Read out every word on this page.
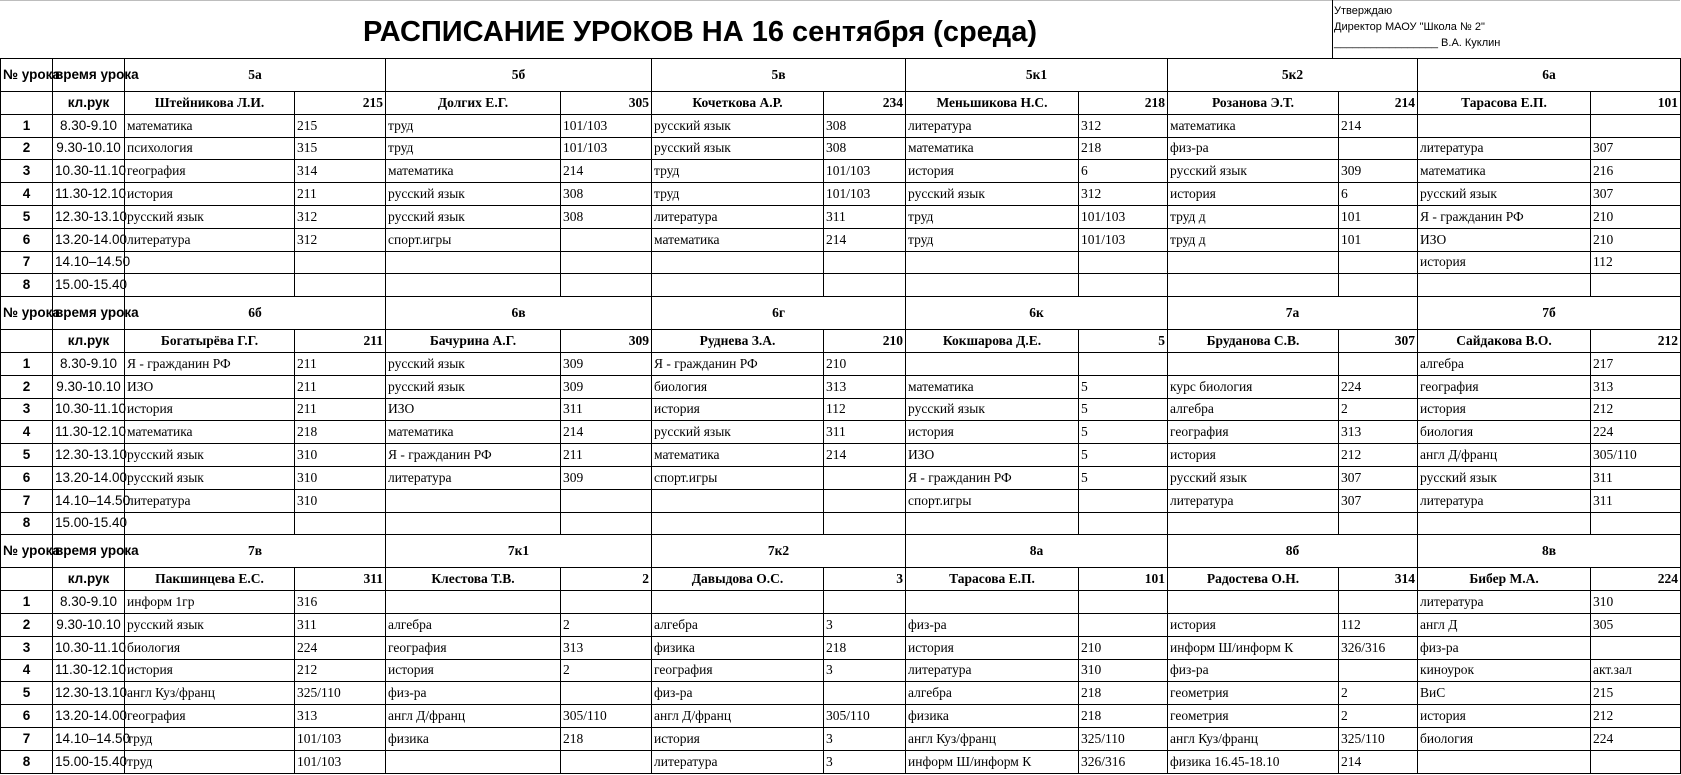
РАСПИСАНИЕ УРОКОВ НА 16 сентября (среда)
Утверждаю
Директор МАОУ "Школа № 2"
_________________ В.А. Куклин
№ урока	время урока	5а		5б		5в		5к1		5к2		6а	
	кл.рук	Штейникова Л.И.	215	Долгих Е.Г.	305	Кочеткова А.Р.	234	Меньшикова Н.С.	218	Розанова Э.Т.	214	Тарасова Е.П.	101
1	8.30-9.10	математика	215	труд	101/103	русский язык	308	литература	312	математика	214		
2	9.30-10.10	психология	315	труд	101/103	русский язык	308	математика	218	физ-ра		литература	307
3	10.30-11.10	география	314	математика	214	труд	101/103	история	6	русский язык	309	математика	216
4	11.30-12.10	история	211	русский язык	308	труд	101/103	русский язык	312	история	6	русский язык	307
5	12.30-13.10	русский язык	312	русский язык	308	литература	311	труд	101/103	труд д	101	Я - гражданин РФ	210
6	13.20-14.00	литература	312	спорт.игры		математика	214	труд	101/103	труд д	101	ИЗО	210
7	14.10–14.50											история	112
8	15.00-15.40												
№ урока	время урока	6б		6в		6г		6к		7а		7б	
	кл.рук	Богатырёва Г.Г.	211	Бачурина А.Г.	309	Руднева З.А.	210	Кокшарова Д.Е.	5	Бруданова С.В.	307	Сайдакова В.О.	212
1	8.30-9.10	Я - гражданин РФ	211	русский язык	309	Я - гражданин РФ	210					алгебра	217
2	9.30-10.10	ИЗО	211	русский язык	309	биология	313	математика	5	курс биология	224	география	313
3	10.30-11.10	история	211	ИЗО	311	история	112	русский язык	5	алгебра	2	история	212
4	11.30-12.10	математика	218	математика	214	русский язык	311	история	5	география	313	биология	224
5	12.30-13.10	русский язык	310	Я - гражданин РФ	211	математика	214	ИЗО	5	история	212	англ Д/франц	305/110
6	13.20-14.00	русский язык	310	литература	309	спорт.игры		Я - гражданин РФ	5	русский язык	307	русский язык	311
7	14.10–14.50	литература	310					спорт.игры		литература	307	литература	311
8	15.00-15.40												
№ урока	время урока	7в		7к1		7к2		8а		8б		8в	
	кл.рук	Пакшинцева Е.С.	311	Клестова Т.В.	2	Давыдова О.С.	3	Тарасова Е.П.	101	Радостева О.Н.	314	Бибер М.А.	224
1	8.30-9.10	информ 1гр	316									литература	310
2	9.30-10.10	русский язык	311	алгебра	2	алгебра	3	физ-ра		история	112	англ Д	305
3	10.30-11.10	биология	224	география	313	физика	218	история	210	информ Ш/информ К	326/316	физ-ра	
4	11.30-12.10	история	212	история	2	география	3	литература	310	физ-ра		киноурок	акт.зал
5	12.30-13.10	англ Куз/франц	325/110	физ-ра		физ-ра		алгебра	218	геометрия	2	ВиС	215
6	13.20-14.00	география	313	англ Д/франц	305/110	англ Д/франц	305/110	физика	218	геометрия	2	история	212
7	14.10–14.50	труд	101/103	физика	218	история	3	англ Куз/франц	325/110	англ Куз/франц	325/110	биология	224
8	15.00-15.40	труд	101/103			литература	3	информ Ш/информ К	326/316	физика 16.45-18.10	214		
